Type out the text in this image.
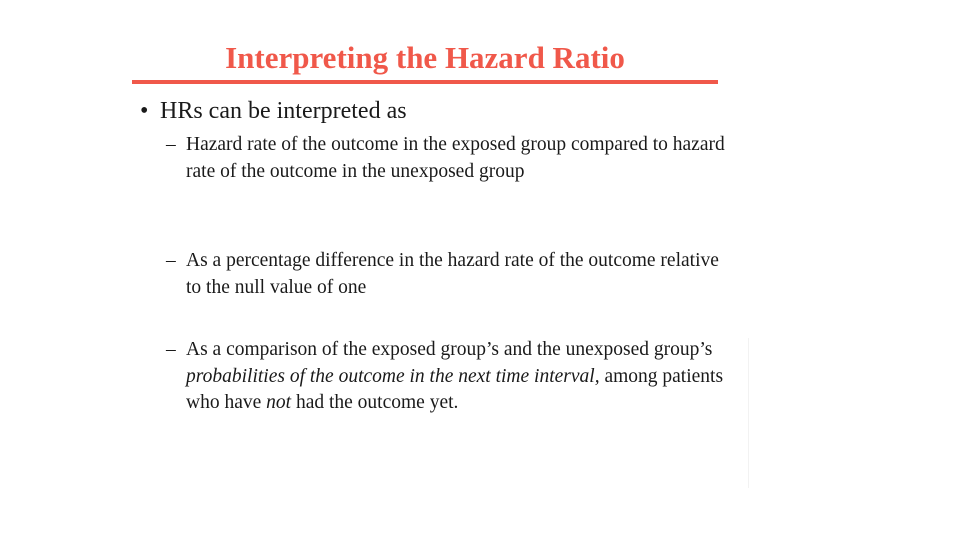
Interpreting the Hazard Ratio
• HRs can be interpreted as
– Hazard rate of the outcome in the exposed group compared to hazard rate of the outcome in the unexposed group
– As a percentage difference in the hazard rate of the outcome relative to the null value of one
– As a comparison of the exposed group’s and the unexposed group’s probabilities of the outcome in the next time interval, among patients who have not had the outcome yet.
